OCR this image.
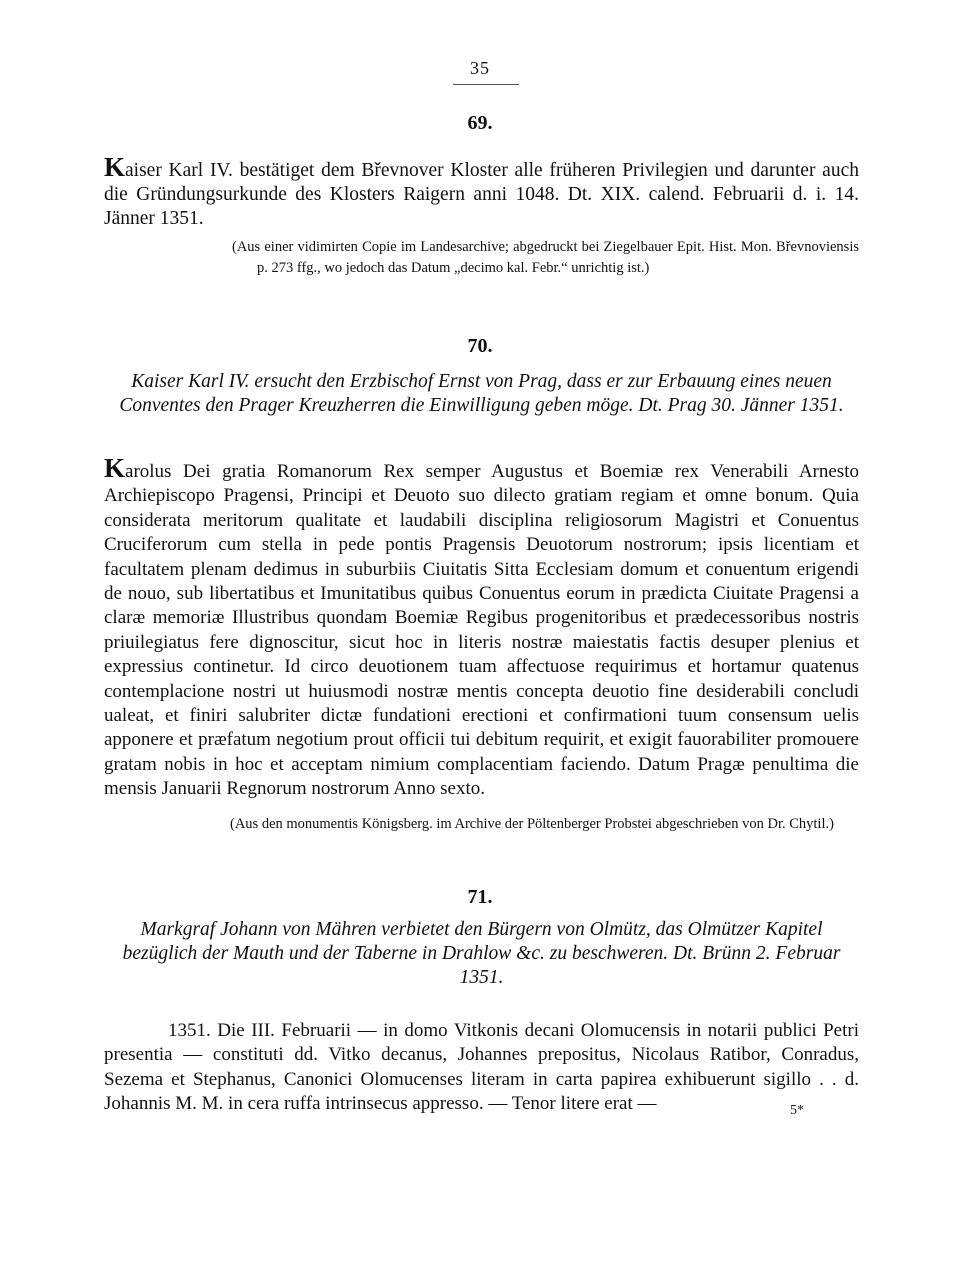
35
69.
Kaiser Karl IV. bestätiget dem Břevnover Kloster alle früheren Privilegien und darunter auch die Gründungsurkunde des Klosters Raigern anni 1048. Dt. XIX. calend. Februarii d. i. 14. Jänner 1351.
(Aus einer vidimirten Copie im Landesarchive; abgedruckt bei Ziegelbauer Epit. Hist. Mon. Břevnoviensis p. 273 ffg., wo jedoch das Datum „decimo kal. Febr.“ unrichtig ist.)
70.
Kaiser Karl IV. ersucht den Erzbischof Ernst von Prag, dass er zur Erbauung eines neuen Conventes den Prager Kreuzherren die Einwilligung geben möge. Dt. Prag 30. Jänner 1351.
Karolus Dei gratia Romanorum Rex semper Augustus et Boemiæ rex Venerabili Arnesto Archiepiscopo Pragensi, Principi et Deuoto suo dilecto gratiam regiam et omne bonum. Quia considerata meritorum qualitate et laudabili disciplina religiosorum Magistri et Conuentus Cruciferorum cum stella in pede pontis Pragensis Deuotorum nostrorum; ipsis licentiam et facultatem plenam dedimus in suburbiis Ciuitatis Sitta Ecclesiam domum et conuentum erigendi de nouo, sub libertatibus et Imunitatibus quibus Conuentus eorum in prædicta Ciuitate Pragensi a claræ memoriæ Illustribus quondam Boemiæ Regibus progenitoribus et prædecessoribus nostris priuilegiatus fere dignoscitur, sicut hoc in literis nostræ maiestatis factis desuper plenius et expressius continetur. Id circo deuotionem tuam affectuose requirimus et hortamur quatenus contemplacione nostri ut huiusmodi nostræ mentis concepta deuotio fine desiderabili concludi ualeat, et finiri salubriter dictæ fundationi erectioni et confirmationi tuum consensum uelis apponere et præfatum negotium prout officii tui debitum requirit, et exigit fauorabiliter promouere gratam nobis in hoc et acceptam nimium complacentiam faciendo. Datum Pragæ penultima die mensis Januarii Regnorum nostrorum Anno sexto.
(Aus den monumentis Königsberg. im Archive der Pöltenberger Probstei abgeschrieben von Dr. Chytil.)
71.
Markgraf Johann von Mähren verbietet den Bürgern von Olmütz, das Olmützer Kapitel bezüglich der Mauth und der Taberne in Drahlow &c. zu beschweren. Dt. Brünn 2. Februar 1351.
1351. Die III. Februarii — in domo Vitkonis decani Olomucensis in notarii publici Petri presentia — constituti dd. Vitko decanus, Johannes prepositus, Nicolaus Ratibor, Conradus, Sezema et Stephanus, Canonici Olomucenses literam in carta papirea exhibuerunt sigillo . . d. Johannis M. M. in cera ruffa intrinsecus appresso. — Tenor litere erat —	5*
